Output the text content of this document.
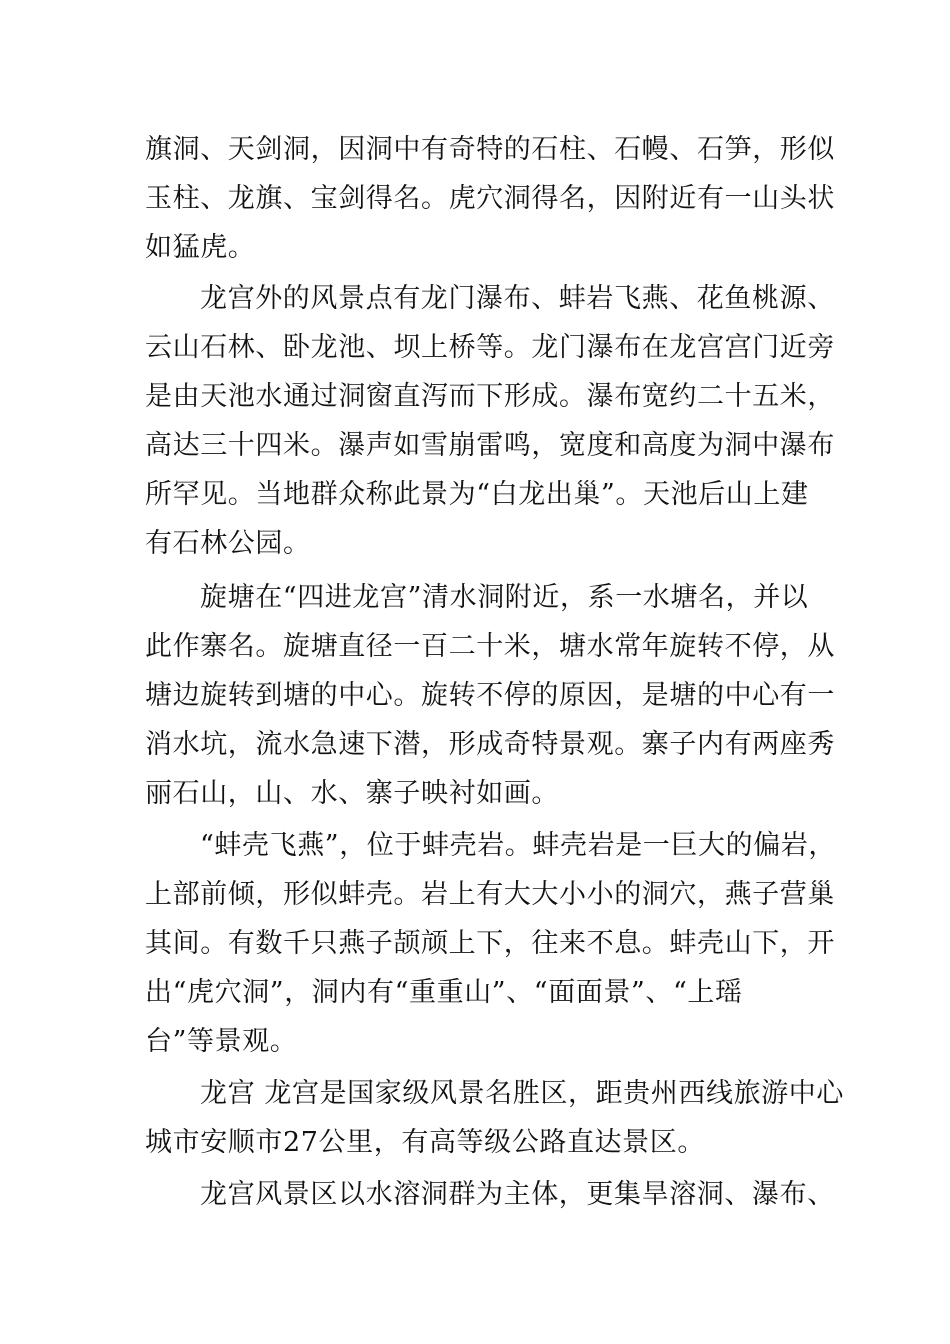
旗洞、天剑洞，因洞中有奇特的石柱、石幔、石笋，形似
玉柱、龙旗、宝剑得名。虎穴洞得名，因附近有一山头状
如猛虎。
龙宫外的风景点有龙门瀑布、蚌岩飞燕、花鱼桃源、
云山石林、卧龙池、坝上桥等。龙门瀑布在龙宫宫门近旁
是由天池水通过洞窗直泻而下形成。瀑布宽约二十五米，
高达三十四米。瀑声如雪崩雷鸣，宽度和高度为洞中瀑布
所罕见。当地群众称此景为“白龙出巢”。天池后山上建
有石林公园。
旋塘在“四进龙宫”清水洞附近，系一水塘名，并以
此作寨名。旋塘直径一百二十米，塘水常年旋转不停，从
塘边旋转到塘的中心。旋转不停的原因，是塘的中心有一
消水坑，流水急速下潜，形成奇特景观。寨子内有两座秀
丽石山，山、水、寨子映衬如画。
“蚌壳飞燕”，位于蚌壳岩。蚌壳岩是一巨大的偏岩，
上部前倾，形似蚌壳。岩上有大大小小的洞穴，燕子营巢
其间。有数千只燕子颉颃上下，往来不息。蚌壳山下，开
出“虎穴洞”，洞内有“重重山”、“面面景”、“上瑶
台”等景观。
龙宫 龙宫是国家级风景名胜区，距贵州西线旅游中心
城市安顺市27公里，有高等级公路直达景区。
龙宫风景区以水溶洞群为主体，更集旱溶洞、瀑布、
